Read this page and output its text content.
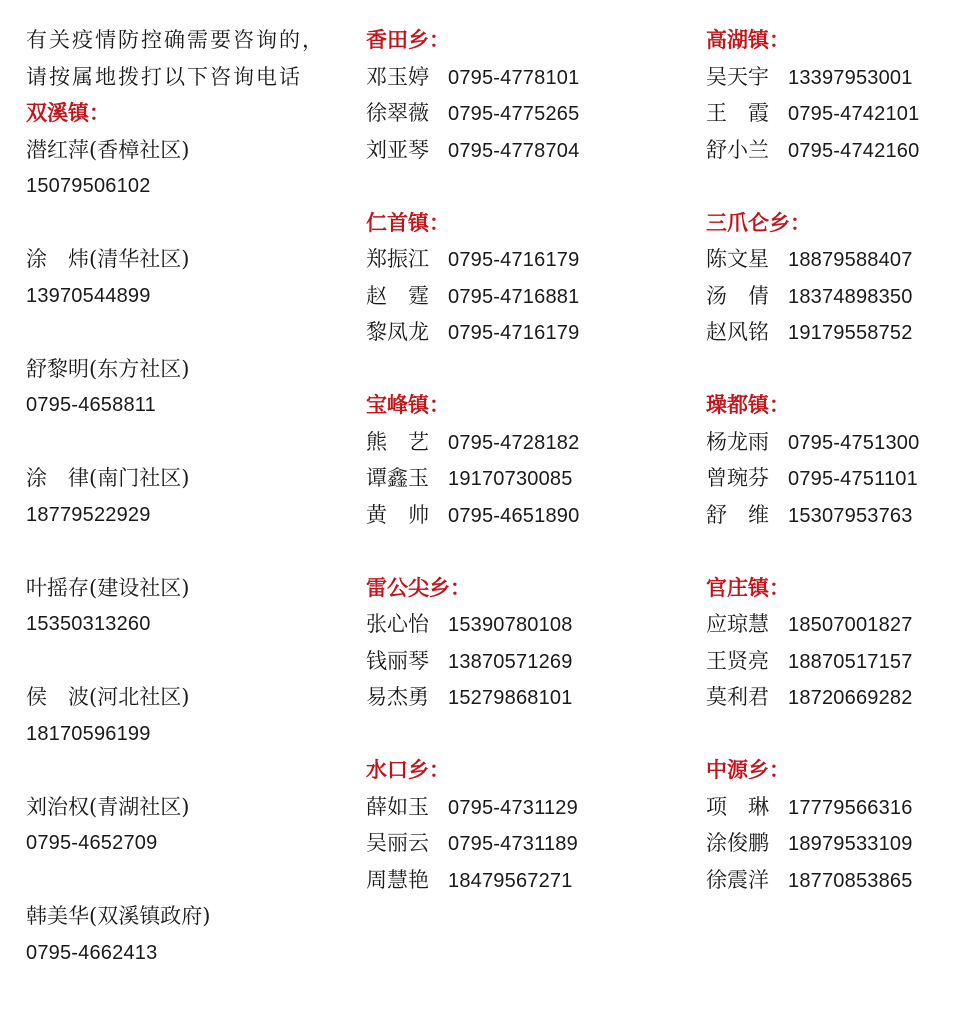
有关疫情防控确需要咨询的，请按属地拨打以下咨询电话
双溪镇：
潜红萍(香樟社区)
15079506102
涂　炜(清华社区)
13970544899
舒黎明(东方社区)
0795-4658811
涂　律(南门社区)
18779522929
叶摇存(建设社区)
15350313260
侯　波(河北社区)
18170596199
刘治权(青湖社区)
0795-4652709
韩美华(双溪镇政府)
0795-4662413
香田乡：
邓玉婷 0795-4778101
徐翠薇 0795-4775265
刘亚琴 0795-4778704
仁首镇：
郑振江 0795-4716179
赵　霆 0795-4716881
黎凤龙 0795-4716179
宝峰镇：
熊　艺 0795-4728182
谭鑫玉 19170730085
黄　帅 0795-4651890
雷公尖乡：
张心怡 15390780108
钱丽琴 13870571269
易杰勇 15279868101
水口乡：
薛如玉 0795-4731129
吴丽云 0795-4731189
周慧艳 18479567271
高湖镇：
吴天宇 13397953001
王　霞 0795-4742101
舒小兰 0795-4742160
三爪仑乡：
陈文星 18879588407
汤　倩 18374898350
赵风铭 19179558752
璪都镇：
杨龙雨 0795-4751300
曾琬芬 0795-4751101
舒　维 15307953763
官庄镇：
应琼慧 18507001827
王贤亮 18870517157
莫利君 18720669282
中源乡：
项　琳 17779566316
涂俊鹏 18979533109
徐震洋 18770853865
